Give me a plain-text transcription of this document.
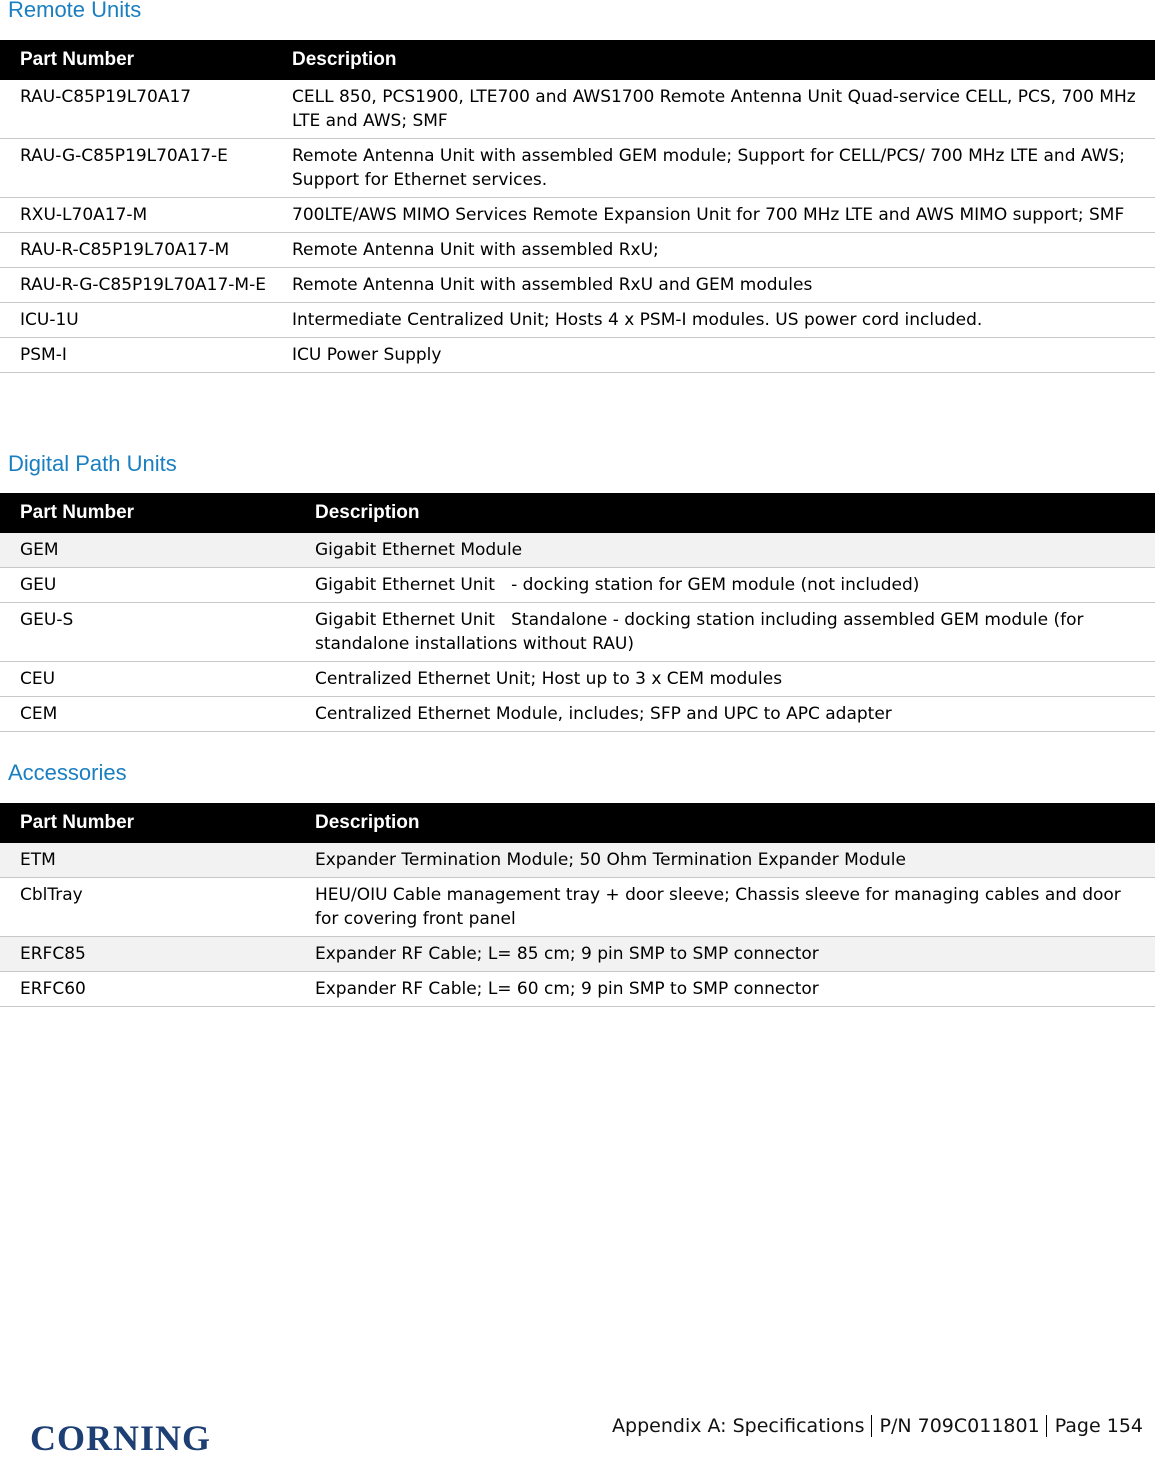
Remote Units
Part Number	Description
RAU-C85P19L70A17	CELL 850, PCS1900, LTE700 and AWS1700 Remote Antenna Unit Quad-service CELL, PCS, 700 MHz LTE and AWS; SMF
RAU-G-C85P19L70A17-E	Remote Antenna Unit with assembled GEM module; Support for CELL/PCS/ 700 MHz LTE and AWS; Support for Ethernet services.
RXU-L70A17-M	700LTE/AWS MIMO Services Remote Expansion Unit for 700 MHz LTE and AWS MIMO support; SMF
RAU-R-C85P19L70A17-M	Remote Antenna Unit with assembled RxU;
RAU-R-G-C85P19L70A17-M-E	Remote Antenna Unit with assembled RxU and GEM modules
ICU-1U	Intermediate Centralized Unit; Hosts 4 x PSM-I modules. US power cord included.
PSM-I	ICU Power Supply
Digital Path Units
Part Number	Description
GEM	Gigabit Ethernet Module
GEU	Gigabit Ethernet Unit   - docking station for GEM module (not included)
GEU-S	Gigabit Ethernet Unit   Standalone - docking station including assembled GEM module (for standalone installations without RAU)
CEU	Centralized Ethernet Unit; Host up to 3 x CEM modules
CEM	Centralized Ethernet Module, includes; SFP and UPC to APC adapter
Accessories
Part Number	Description
ETM	Expander Termination Module; 50 Ohm Termination Expander Module
CblTray	HEU/OIU Cable management tray + door sleeve; Chassis sleeve for managing cables and door for covering front panel
ERFC85	Expander RF Cable; L= 85 cm; 9 pin SMP to SMP connector
ERFC60	Expander RF Cable; L= 60 cm; 9 pin SMP to SMP connector
CORNING	Appendix A: Specifications P/N 709C011801 Page 154
